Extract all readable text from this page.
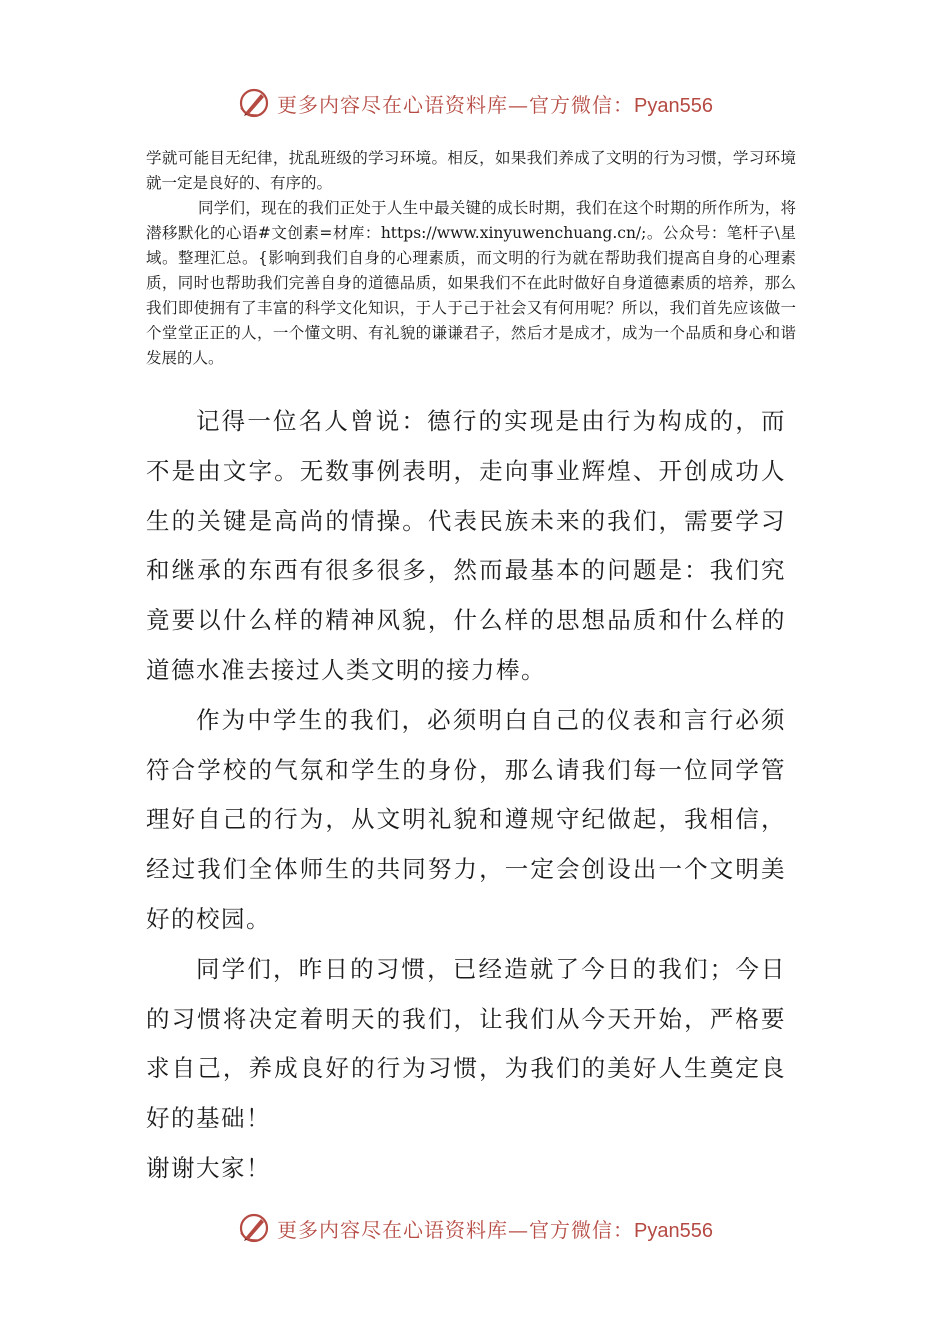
更多内容尽在心语资料库—官方微信：Pyan556

学就可能目无纪律，扰乱班级的学习环境。相反，如果我们养成了文明的行为习惯，学习环境就一定是良好的、有序的。

同学们，现在的我们正处于人生中最关键的成长时期，我们在这个时期的所作所为，将潜移默化的心语#文创素=材库：https://www.xinyuwenchuang.cn/;。公众号：笔杆子\星域。整理汇总。{影响到我们自身的心理素质，而文明的行为就在帮助我们提高自身的心理素质，同时也帮助我们完善自身的道德品质，如果我们不在此时做好自身道德素质的培养，那么我们即使拥有了丰富的科学文化知识，于人于己于社会又有何用呢？所以，我们首先应该做一个堂堂正正的人，一个懂文明、有礼貌的谦谦君子，然后才是成才，成为一个品质和身心和谐发展的人。

记得一位名人曾说：德行的实现是由行为构成的，而不是由文字。无数事例表明，走向事业辉煌、开创成功人生的关键是高尚的情操。代表民族未来的我们，需要学习和继承的东西有很多很多，然而最基本的问题是：我们究竟要以什么样的精神风貌，什么样的思想品质和什么样的道德水准去接过人类文明的接力棒。

作为中学生的我们，必须明白自己的仪表和言行必须符合学校的气氛和学生的身份，那么请我们每一位同学管理好自己的行为，从文明礼貌和遵规守纪做起，我相信，经过我们全体师生的共同努力，一定会创设出一个文明美好的校园。

同学们，昨日的习惯，已经造就了今日的我们；今日的习惯将决定着明天的我们，让我们从今天开始，严格要求自己，养成良好的行为习惯，为我们的美好人生奠定良好的基础！

谢谢大家！

更多内容尽在心语资料库—官方微信：Pyan556
